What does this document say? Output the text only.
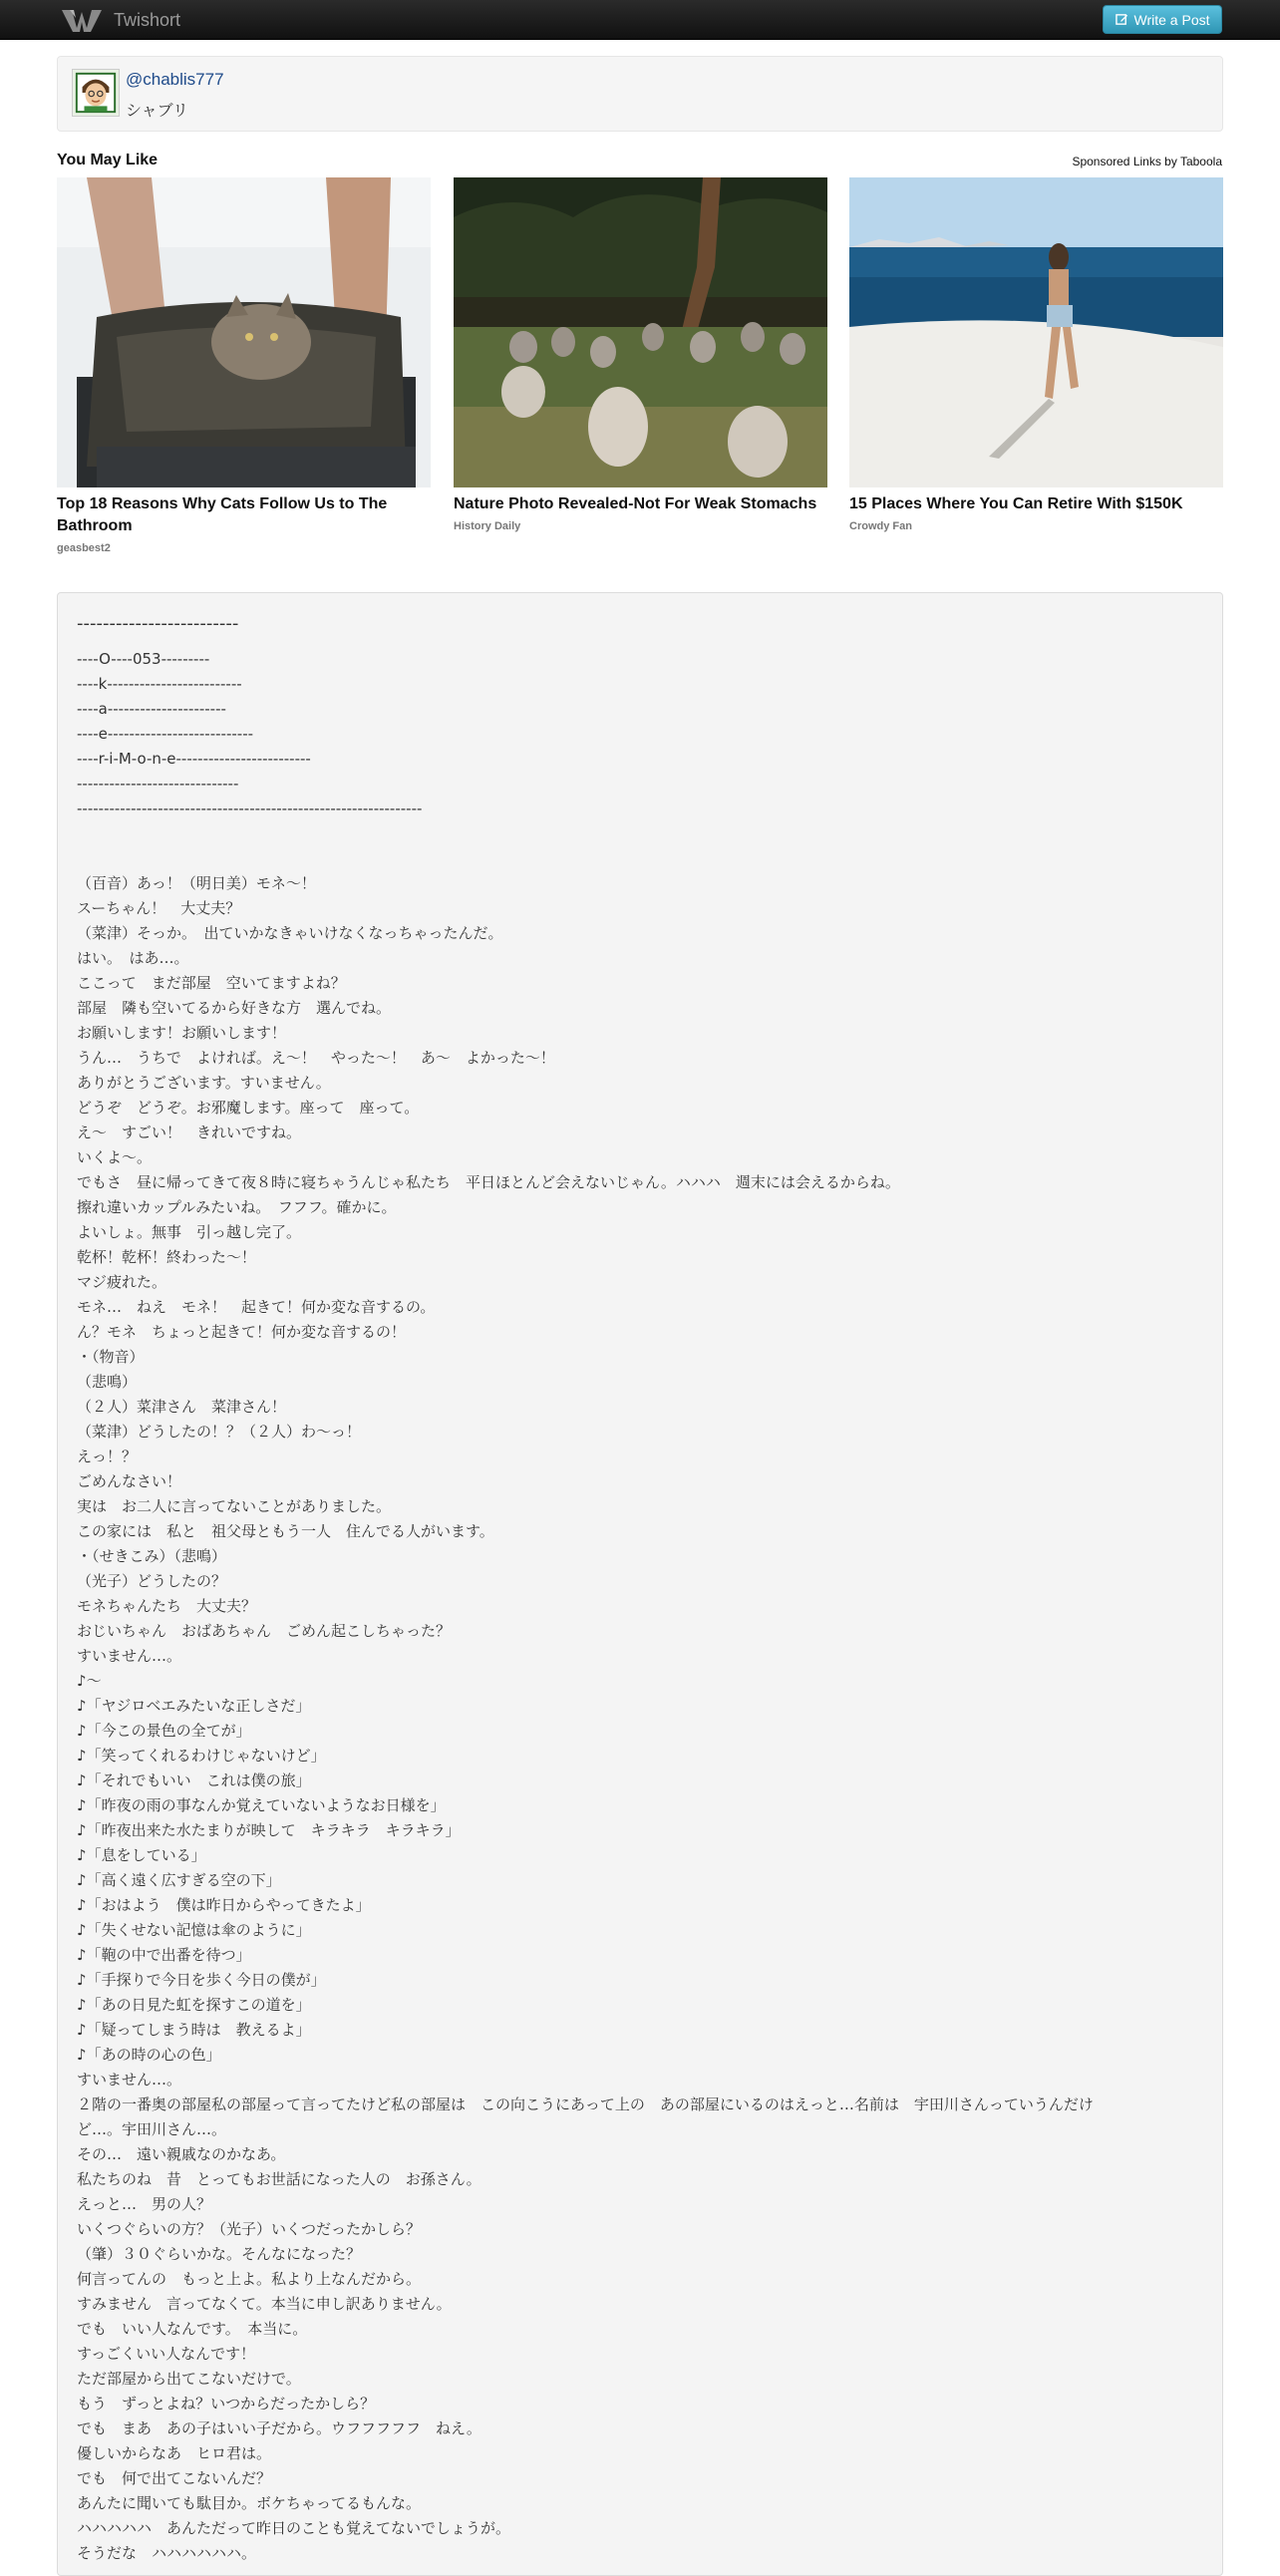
Twishort	Write a Post
@chablis777
シャブリ
You May Like	Sponsored Links by Taboola
Top 18 Reasons Why Cats Follow Us to The Bathroom
geasbest2
Nature Photo Revealed-Not For Weak Stomachs
History Daily
15 Places Where You Can Retire With $150K
Crowdy Fan
-------------------------
----O----053---------
----k-------------------------
----a----------------------
----e---------------------------
----r-i-M-o-n-e-------------------------
------------------------------
----------------------------------------------------------------
（百音）あっ！（明日美）モネ～！
スーちゃん！　大丈夫？
（菜津）そっか。　出ていかなきゃいけなくなっちゃったんだ。
はい。　はあ…。
ここって　まだ部屋　空いてますよね？
部屋　隣も空いてるから好きな方　選んでね。
お願いします！お願いします！
うん…　うちで　よければ。え～！　やった～！　あ～　よかった～！
ありがとうございます。すいません。
どうぞ　どうぞ。お邪魔します。座って　座って。
え～　すごい！　きれいですね。
いくよ～。
でもさ　昼に帰ってきて夜８時に寝ちゃうんじゃ私たち　平日ほとんど会えないじゃん。ハハハ　週末には会えるからね。
擦れ違いカップルみたいね。　フフフ。確かに。
よいしょ。無事　引っ越し完了。
乾杯！乾杯！終わった～！
マジ疲れた。
モネ…　ねえ　モネ！　起きて！何か変な音するの。
ん？モネ　ちょっと起きて！何か変な音するの！
・（物音）
（悲鳴）
（２人）菜津さん　菜津さん！
（菜津）どうしたの！？（２人）わ～っ！
えっ！？
ごめんなさい！
実は　お二人に言ってないことがありました。
この家には　私と　祖父母ともう一人　住んでる人がいます。
・（せきこみ）（悲鳴）
（光子）どうしたの？
モネちゃんたち　大丈夫？
おじいちゃん　おばあちゃん　ごめん起こしちゃった？
すいません…。
♪～
♪「ヤジロベエみたいな正しさだ」
♪「今この景色の全てが」
♪「笑ってくれるわけじゃないけど」
♪「それでもいい　これは僕の旅」
♪「昨夜の雨の事なんか覚えていないようなお日様を」
♪「昨夜出来た水たまりが映して　キラキラ　キラキラ」
♪「息をしている」
♪「高く遠く広すぎる空の下」
♪「おはよう　僕は昨日からやってきたよ」
♪「失くせない記憶は傘のように」
♪「鞄の中で出番を待つ」
♪「手探りで今日を歩く今日の僕が」
♪「あの日見た虹を探すこの道を」
♪「疑ってしまう時は　教えるよ」
♪「あの時の心の色」
すいません…。
２階の一番奥の部屋私の部屋って言ってたけど私の部屋は　この向こうにあって上の　あの部屋にいるのはえっと…名前は　宇田川さんっていうんだけ
ど…。宇田川さん…。
その…　遠い親戚なのかなあ。
私たちのね　昔　とってもお世話になった人の　お孫さん。
えっと…　男の人？
いくつぐらいの方？（光子）いくつだったかしら？
（肇）３０ぐらいかな。そんなになった？
何言ってんの　もっと上よ。私より上なんだから。
すみません　言ってなくて。本当に申し訳ありません。
でも　いい人なんです。　本当に。
すっごくいい人なんです！
ただ部屋から出てこないだけで。
もう　ずっとよね？いつからだったかしら？
でも　まあ　あの子はいい子だから。ウフフフフフ　ねえ。
優しいからなあ　ヒロ君は。
でも　何で出てこないんだ？
あんたに聞いても駄目か。ボケちゃってるもんな。
ハハハハハ　あんただって昨日のことも覚えてないでしょうが。
そうだな　ハハハハハハ。
